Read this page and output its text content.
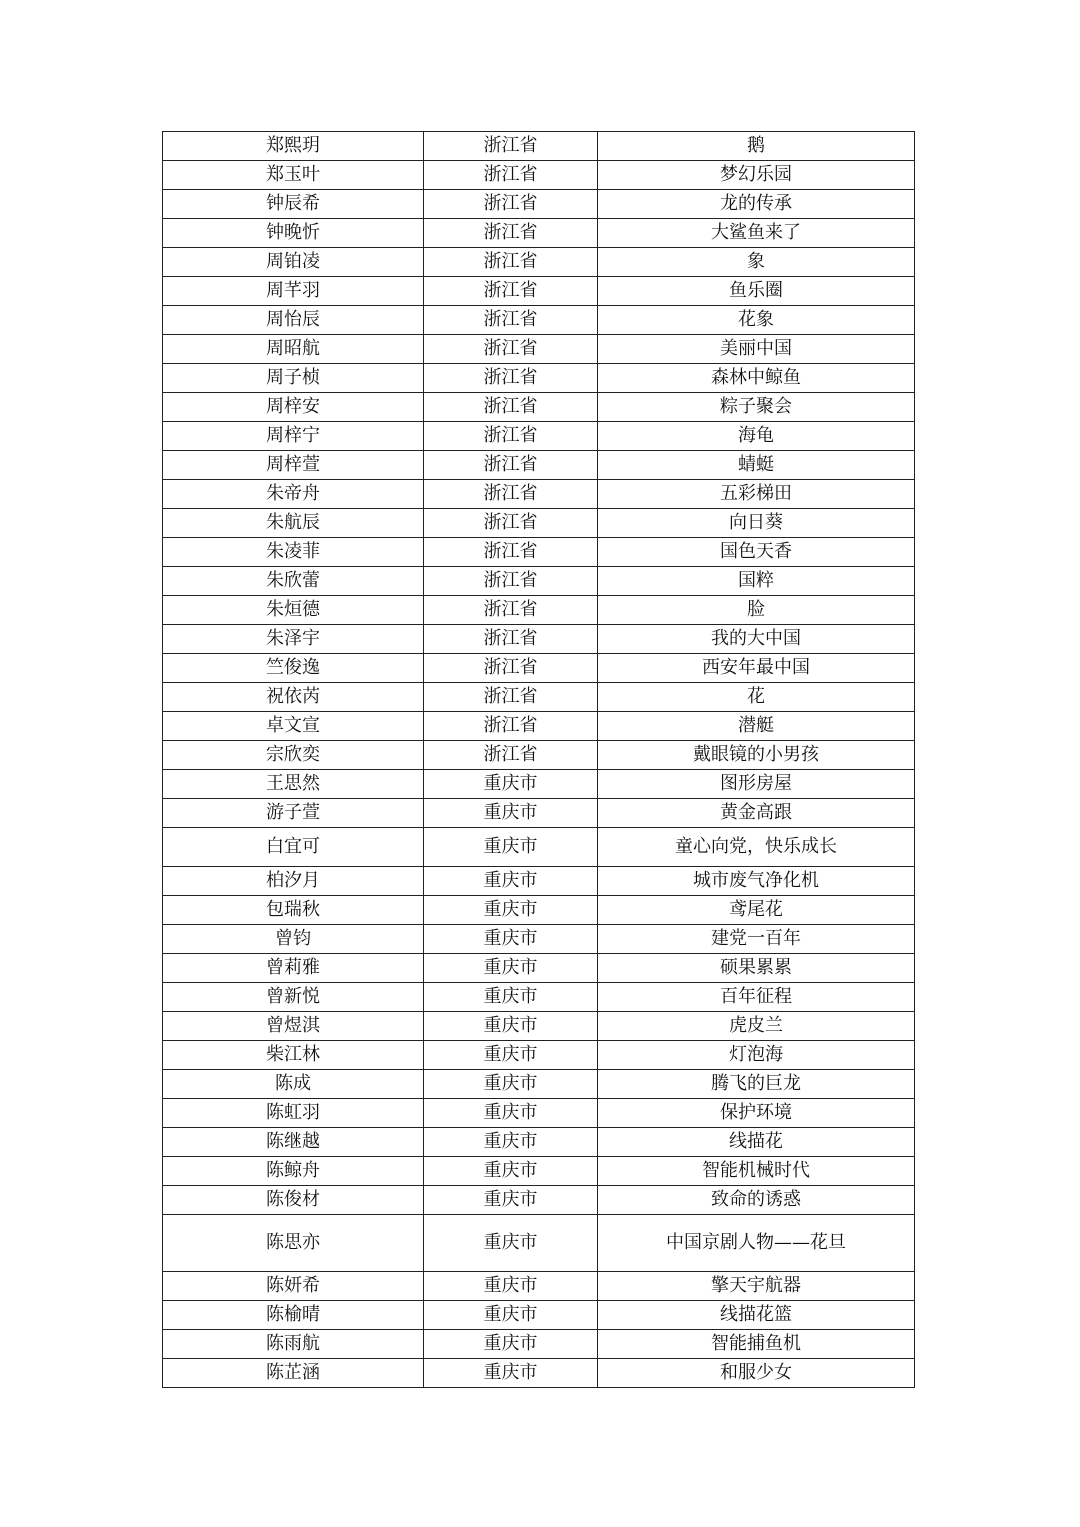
郑熙玥	浙江省	鹅
郑玉叶	浙江省	梦幻乐园
钟辰希	浙江省	龙的传承
钟晚忻	浙江省	大鲨鱼来了
周铂凌	浙江省	象
周芊羽	浙江省	鱼乐圈
周怡辰	浙江省	花象
周昭航	浙江省	美丽中国
周子桢	浙江省	森林中鲸鱼
周梓安	浙江省	粽子聚会
周梓宁	浙江省	海龟
周梓萱	浙江省	蜻蜓
朱帝舟	浙江省	五彩梯田
朱航辰	浙江省	向日葵
朱凌菲	浙江省	国色天香
朱欣蕾	浙江省	国粹
朱烜德	浙江省	脸
朱泽宇	浙江省	我的大中国
竺俊逸	浙江省	西安年最中国
祝依芮	浙江省	花
卓文宣	浙江省	潜艇
宗欣奕	浙江省	戴眼镜的小男孩
王思然	重庆市	图形房屋
游子萱	重庆市	黄金高跟
白宜可	重庆市	童心向党，快乐成长
柏汐月	重庆市	城市废气净化机
包瑞秋	重庆市	鸢尾花
曾钧	重庆市	建党一百年
曾莉雅	重庆市	硕果累累
曾新悦	重庆市	百年征程
曾煜淇	重庆市	虎皮兰
柴江林	重庆市	灯泡海
陈成	重庆市	腾飞的巨龙
陈虹羽	重庆市	保护环境
陈继越	重庆市	线描花
陈鲸舟	重庆市	智能机械时代
陈俊材	重庆市	致命的诱惑
陈思亦	重庆市	中国京剧人物——花旦
陈妍希	重庆市	擎天宇航器
陈榆晴	重庆市	线描花篮
陈雨航	重庆市	智能捕鱼机
陈芷涵	重庆市	和服少女
